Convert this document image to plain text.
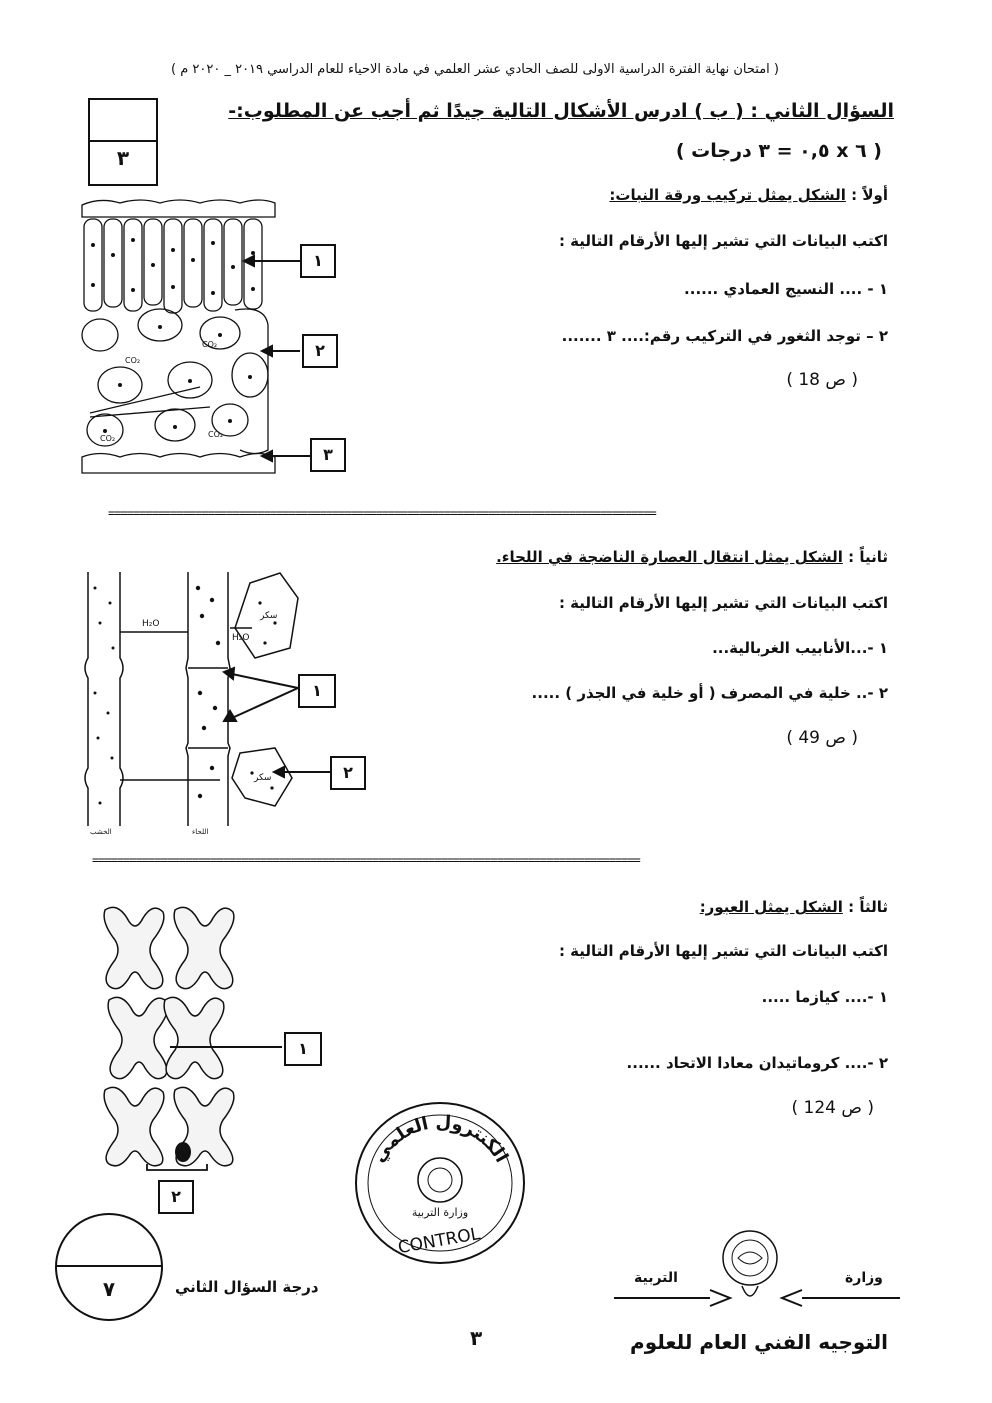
( امتحان نهاية الفترة الدراسية الاولى للصف الحادي عشر العلمي في مادة الاحياء للعام الدراسي ٢٠١٩ _ ٢٠٢٠ م )
٣
السؤال الثاني : ( ب ) ادرس الأشكال التالية جيدًا ثم أجب عن المطلوب:-
( ٦ x ٠,٥ = ٣ درجات )
أولاً : الشكل يمثل تركيب ورقة النبات:
اكتب البيانات التي تشير إليها الأرقام التالية :
١ - .... النسيج العمادي ......
٢ – توجد الثغور في التركيب رقم:.... ٣ .......
( ص 18 )
CO₂
CO₂
CO₂	CO₂
١
٢
٣
========================================================================================
ثانياً : الشكل يمثل انتقال العصارة الناضجة في اللحاء.
اكتب البيانات التي تشير إليها الأرقام التالية :
١ -...الأنابيب الغربالية...
٢ -.. خلية في المصرف ( أو خلية في الجذر ) .....
( ص 49 )
H₂O
H₂O
سكر
سكر
الخشب	اللحاء
١
٢
========================================================================================
ثالثاً : الشكل يمثل العبور:
اكتب البيانات التي تشير إليها الأرقام التالية :
١ -.... كيازما .....
٢ -.... كروماتيدان معادا الاتحاد ......
( ص 124 )
١
٢
٧	درجة السؤال الثاني
الكنترول العلمي
وزارة التربية
CONTROL
وزارة
التربية
٣	التوجيه الفني العام للعلوم
